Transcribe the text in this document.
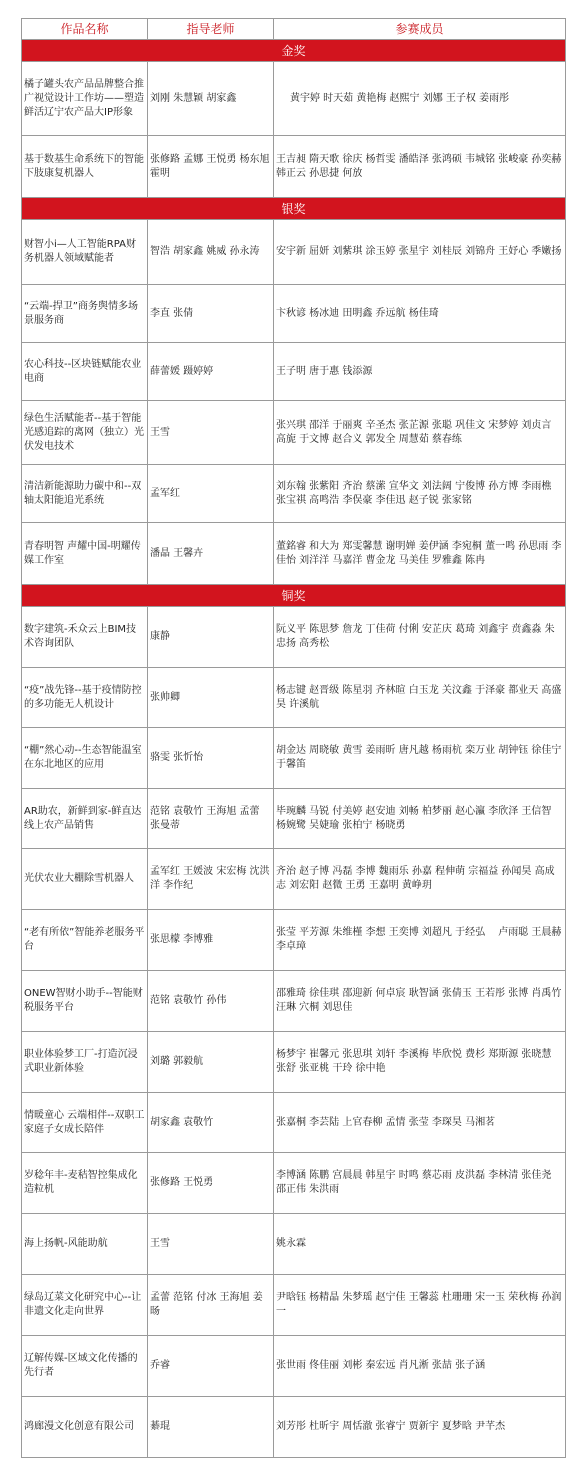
作品名称	指导老师	参赛成员
金奖		
橘子罐头农产品品牌整合推广视觉设计工作坊——塑造鲜活辽宁农产品大IP形象	刘刚 朱慧颖 胡家鑫	黄宇婷 时天茹 黄艳梅 赵熙宁 刘娜 王子权 姜雨彤
基于数基生命系统下的智能下肢康复机器人	张修路 孟娜 王悦勇 杨东旭 霍明	王吉昶 隋天歌 徐庆 杨哲雯 潘皓泽 张鸿硕 韦城铭 张峻豪 孙奕赫 韩正云 孙思捷 何放
银奖		
财智小i—人工智能RPA财务机器人领域赋能者	智浩 胡家鑫 姚威 孙永涛	安宇新 屈妍 刘紫琪 涂玉婷 张星宇 刘桂辰 刘锦舟 王妤心 季嫩扬
“云端-捍卫”商务舆情多场景服务商	李直 张倩	卞秋谚 杨冰迪 田明鑫 乔远航 杨佳琦
农心科技--区块链赋能农业电商	薛蕾媛 蹑婷婷	王子明 唐于惠 钱添源
绿色生活赋能者--基于智能光感追踪的离网（独立）光伏发电技术	王雪	张兴琪 邵洋 于丽爽 辛圣杰 张芷源 张聪 巩佳文 宋梦婷 刘贞言 高旎 于文博 赵合义 郭发全 周慧茹 蔡春练
清洁新能源助力碳中和--双轴太阳能追光系统	孟军红	刘东翰 张紫阳 齐治 蔡潆 宣华文 刘法阔 宁俊博 孙方博 李雨樵 张宝祺 高鸣浩 李俣豪 李佳迅 赵子锐 张家铭
青春明智 声耀中国-明耀传媒工作室	潘晶 王馨卉	董銘睿 和大为 郑雯馨慧 谢明婵 姜伊涵 李宛桐 董一鸣 孙思雨 李佳怡 刘洋洋 马嘉洋 曹金龙 马美佳 罗雅鑫 陈冉
铜奖		
数字建筑-禾众云上BIM技术咨询团队	康静	阮义平 陈思梦 詹龙 丁佳荷 付俐 安芷庆 葛琦 刘鑫宇 贲鑫淼 朱忠扬 高秀松
“疫”战先锋--基于疫情防控的多功能无人机设计	张帅卿	杨志键 赵晋级 陈星羽 齐林暄 白玉龙 关汶鑫 于泽豪 都业天 高盛昊 许溪航
“棚”然心动--生态智能温室在东北地区的应用	骆雯 张忻怡	胡金达 周晓敏 黄雪 姜雨昕 唐凡越 杨雨杭 栾万业 胡钟钰 徐佳宁 于馨笛
AR助农，新鲜到家-鲜直达线上农产品销售	范铭 袁敬竹 王海旭 孟蕾 张曼蒂	毕琬麟 马锐 付美婷 赵安迪 刘畅 柏梦丽 赵心瀛 李欣泽 王信智 杨婉鹭 吴婕瑜 张柏宁 杨晓勇
光伏农业大棚除雪机器人	孟军红 王媛波 宋宏梅 沈洪洋 李作纪	齐治 赵子博 冯磊 李博 魏雨乐 孙嘉 程伸萌 宗福益 孙闻昊 高成志 刘宏阳 赵微 王勇 王嘉明 黄峥玥
“老有所依”智能养老服务平台	张思檬 李博雅	张莹 平芳源 朱维槿 李想 王奕博 刘超凡 于经弘 　卢雨聪 王晨赫 李卓璋
ONEW智财小助手--智能财税服务平台	范铭 袁敬竹 孙伟	邵雅琦 徐佳琪 邵迎新 何卓宸 耿智涵 张倩玉 王若彤 张博 肖禹竹 汪琳 穴桐 刘思佳
职业体验梦工厂-打造沉浸式职业新体验	刘璐 郭毅航	杨梦宇 崔馨元 张思琪 刘轩 李溪梅 毕欣悦 费杉 郑斯源 张晓慧 张舒 张亚桃 干玲 徐中艳
情暖童心 云端相伴--双职工家庭子女成长陪伴	胡家鑫 袁敬竹	张嘉桐 李芸陆 上官春柳 孟情 张莹 李琛昊 马湘茗
岁稔年丰-麦秸智控集成化造粒机	张修路 王悦勇	李博涵 陈鹏 宫晨晨 韩星宇 时鸣 蔡芯雨 皮洪磊 李林清 张佳尧 邵正伟 朱洪雨
海上扬帆-风能助航	王雪	姚永霖
绿岛辽菜文化研究中心--让非遗文化走向世界	孟蕾 范铭 付冰 王海旭 姜旸	尹晗钰 杨精晶 朱梦瑶 赵宁佳 王馨蕊 杜珊珊 宋一玉 荣秋梅 孙润一
辽解传媒-区域文化传播的先行者	乔睿	张世雨 佟佳丽 刘彬 秦宏远 肖凡淅 张喆 张子涵
鸿廊漫文化创意有限公司	綦琨	刘芳彤 杜昕宇 周恬澈 张睿宁 贾新宇 夏梦晗 尹芊杰
